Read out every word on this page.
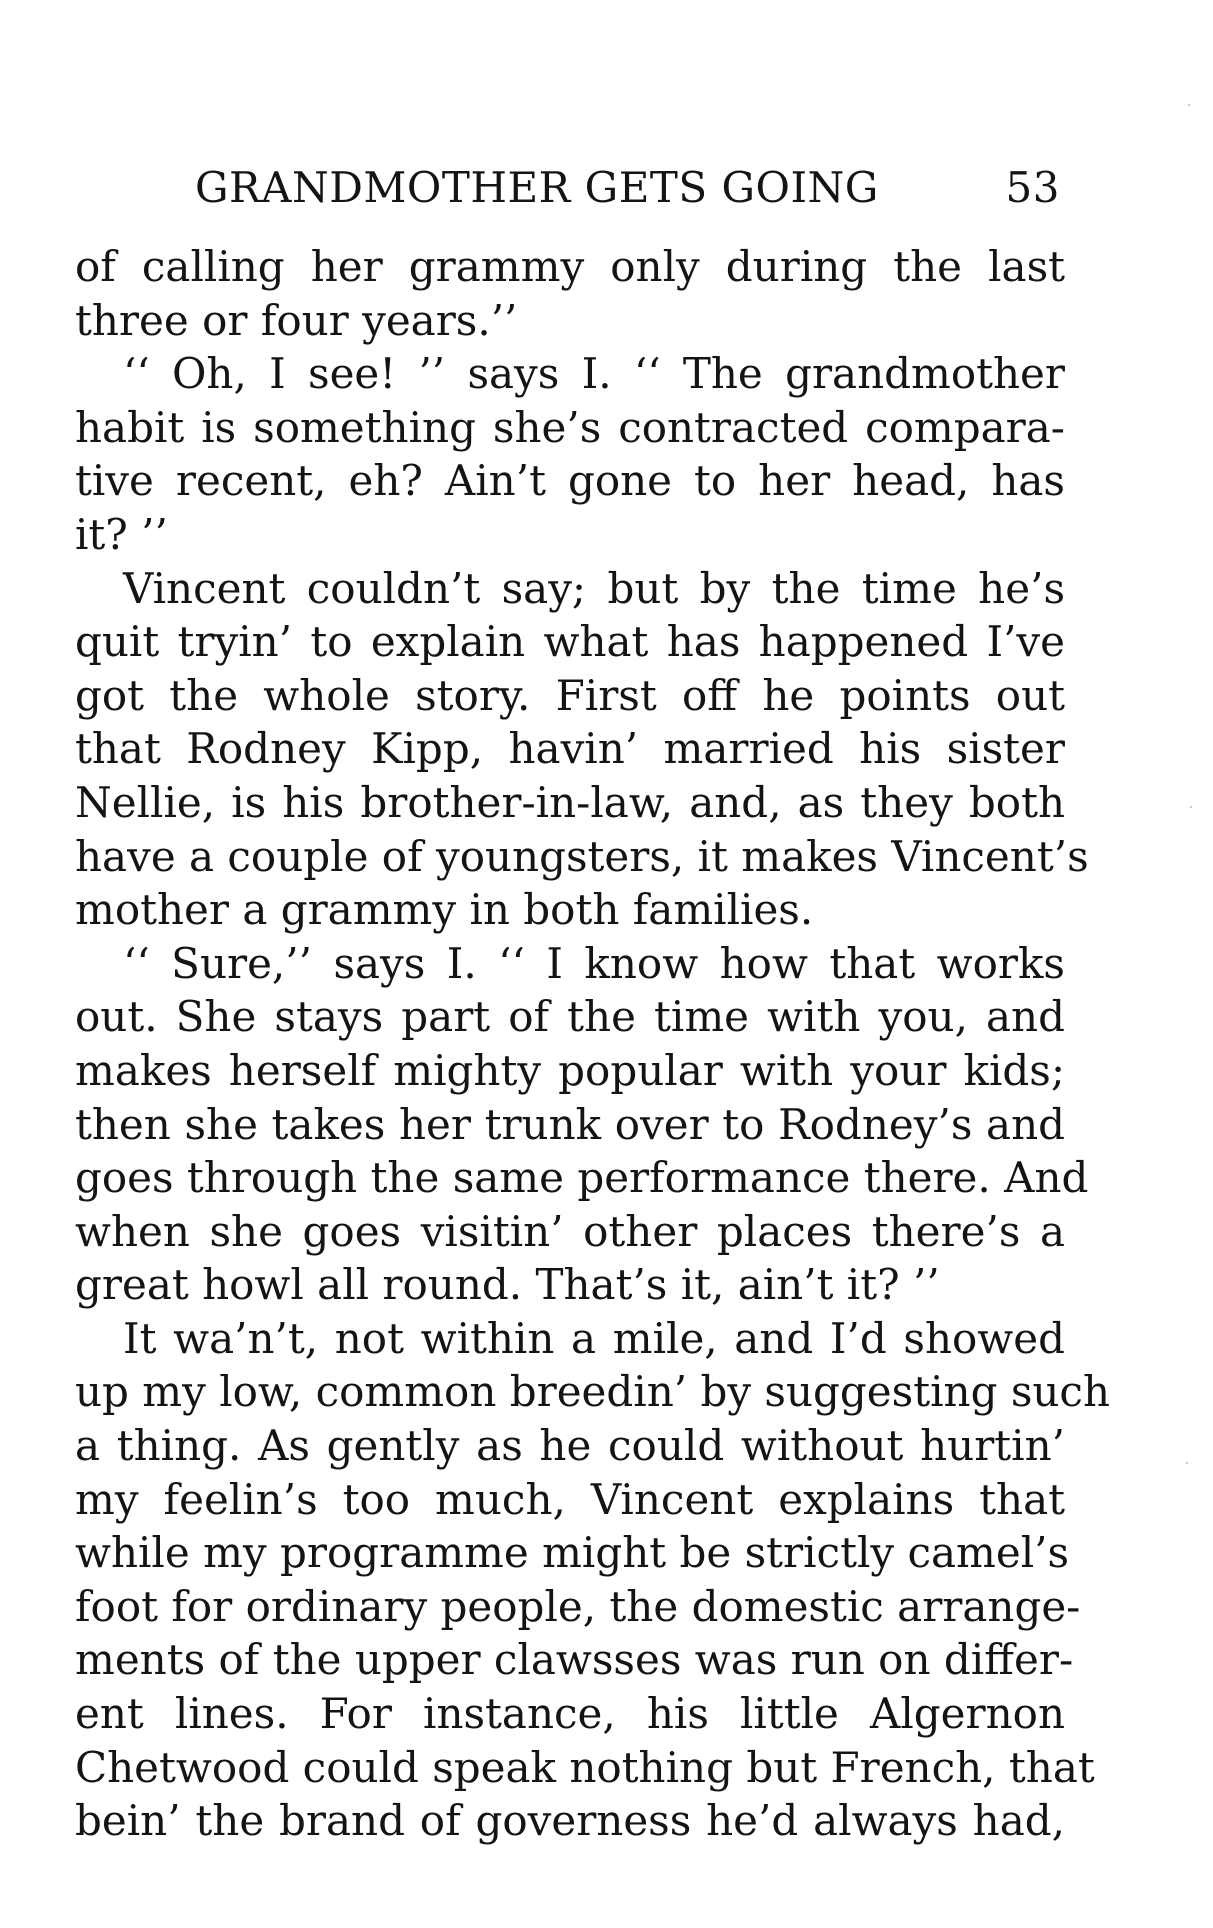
GRANDMOTHER GETS GOING	53
of calling her grammy only during the last
three or four years.’’
‘‘ Oh, I see! ’’ says I. ‘‘ The grandmother
habit is something she’s contracted compara-
tive recent, eh? Ain’t gone to her head, has
it? ’’
Vincent couldn’t say; but by the time he’s
quit tryin’ to explain what has happened I’ve
got the whole story. First off he points out
that Rodney Kipp, havin’ married his sister
Nellie, is his brother-in-law, and, as they both
have a couple of youngsters, it makes Vincent’s
mother a grammy in both families.
‘‘ Sure,’’ says I. ‘‘ I know how that works
out. She stays part of the time with you, and
makes herself mighty popular with your kids;
then she takes her trunk over to Rodney’s and
goes through the same performance there. And
when she goes visitin’ other places there’s a
great howl all round. That’s it, ain’t it? ’’
It wa’n’t, not within a mile, and I’d showed
up my low, common breedin’ by suggesting such
a thing. As gently as he could without hurtin’
my feelin’s too much, Vincent explains that
while my programme might be strictly camel’s
foot for ordinary people, the domestic arrange-
ments of the upper clawsses was run on differ-
ent lines. For instance, his little Algernon
Chetwood could speak nothing but French, that
bein’ the brand of governess he’d always had,
